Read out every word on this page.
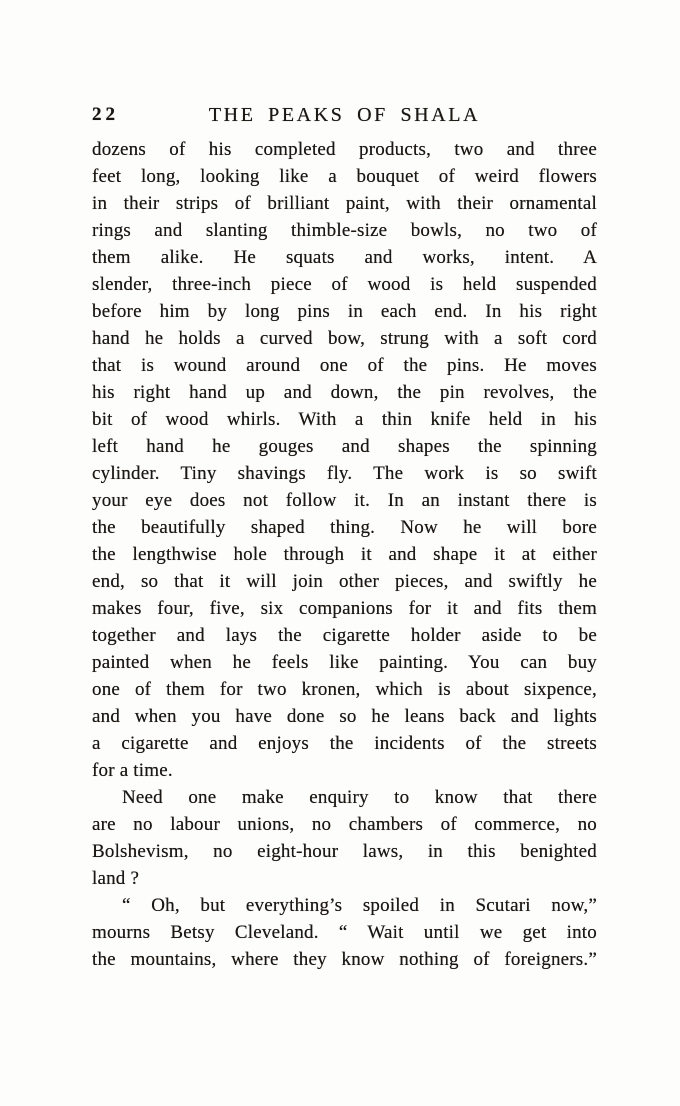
22	THE PEAKS OF SHALA
dozens of his completed products, two and three
feet long, looking like a bouquet of weird flowers
in their strips of brilliant paint, with their ornamental
rings and slanting thimble-size bowls, no two of
them alike. He squats and works, intent. A
slender, three-inch piece of wood is held suspended
before him by long pins in each end. In his right
hand he holds a curved bow, strung with a soft cord
that is wound around one of the pins. He moves
his right hand up and down, the pin revolves, the
bit of wood whirls. With a thin knife held in his
left hand he gouges and shapes the spinning
cylinder. Tiny shavings fly. The work is so swift
your eye does not follow it. In an instant there is
the beautifully shaped thing. Now he will bore
the lengthwise hole through it and shape it at either
end, so that it will join other pieces, and swiftly he
makes four, five, six companions for it and fits them
together and lays the cigarette holder aside to be
painted when he feels like painting. You can buy
one of them for two kronen, which is about sixpence,
and when you have done so he leans back and lights
a cigarette and enjoys the incidents of the streets
for a time.
Need one make enquiry to know that there
are no labour unions, no chambers of commerce, no
Bolshevism, no eight-hour laws, in this benighted
land ?
“ Oh, but everything’s spoiled in Scutari now,”
mourns Betsy Cleveland. “ Wait until we get into
the mountains, where they know nothing of foreigners.”
